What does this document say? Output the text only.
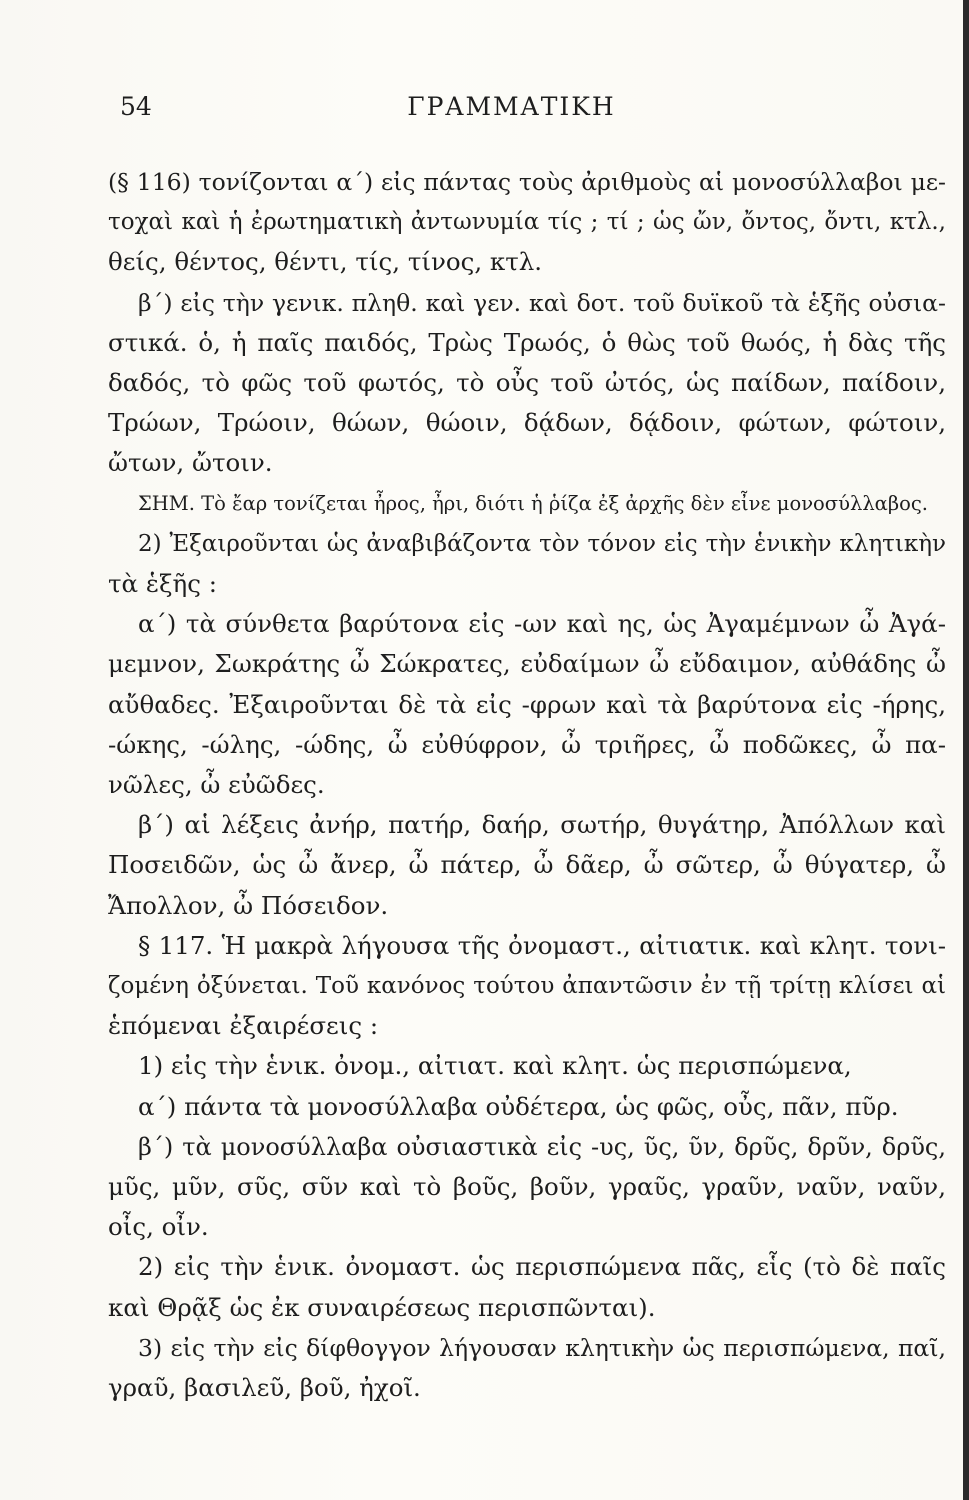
54	ΓΡΑΜΜΑΤΙΚΗ
(§ 116) τονίζονται α΄) εἰς πάντας τοὺς ἀριθμοὺς αἱ μονοσύλλαβοι με-
τοχαὶ καὶ ἡ ἐρωτηματικὴ ἀντωνυμία τίς ; τί ; ὡς ὤν, ὄντος, ὄντι, κτλ.,
θείς, θέντος, θέντι, τίς, τίνος, κτλ.
β΄) εἰς τὴν γενικ. πληθ. καὶ γεν. καὶ δοτ. τοῦ δυϊκοῦ τὰ ἑξῆς οὐσια-
στικά. ὁ, ἡ παῖς παιδός, Τρὼς Τρωός, ὁ θὼς τοῦ θωός, ἡ δὰς τῆς
δαδός, τὸ φῶς τοῦ φωτός, τὸ οὖς τοῦ ὠτός, ὡς παίδων, παίδοιν,
Τρώων, Τρώοιν, θώων, θώοιν, δᾴδων, δᾴδοιν, φώτων, φώτοιν,
ὤτων, ὤτοιν.
ΣΗΜ. Τὸ ἔαρ τονίζεται ἦρος, ἦρι, διότι ἡ ῥίζα ἐξ ἀρχῆς δὲν εἶνε μονοσύλλαβος.
2) Ἐξαιροῦνται ὡς ἀναβιβάζοντα τὸν τόνον εἰς τὴν ἑνικὴν κλητικὴν
τὰ ἑξῆς :
α΄) τὰ σύνθετα βαρύτονα εἰς -ων καὶ ης, ὡς Ἀγαμέμνων ὦ Ἀγά-
μεμνον, Σωκράτης ὦ Σώκρατες, εὐδαίμων ὦ εὔδαιμον, αὐθάδης ὦ
αὔθαδες. Ἐξαιροῦνται δὲ τὰ εἰς -φρων καὶ τὰ βαρύτονα εἰς -ήρης,
-ώκης, -ώλης, -ώδης, ὦ εὐθύφρον, ὦ τριῆρες, ὦ ποδῶκες, ὦ πα-
νῶλες, ὦ εὐῶδες.
β΄) αἱ λέξεις ἀνήρ, πατήρ, δαήρ, σωτήρ, θυγάτηρ, Ἀπόλλων καὶ
Ποσειδῶν, ὡς ὦ ἄνερ, ὦ πάτερ, ὦ δᾶερ, ὦ σῶτερ, ὦ θύγατερ, ὦ
Ἄπολλον, ὦ Πόσειδον.
§ 117. Ἡ μακρὰ λήγουσα τῆς ὀνομαστ., αἰτιατικ. καὶ κλητ. τονι-
ζομένη ὀξύνεται. Τοῦ κανόνος τούτου ἀπαντῶσιν ἐν τῇ τρίτῃ κλίσει αἱ
ἑπόμεναι ἐξαιρέσεις :
1) εἰς τὴν ἑνικ. ὀνομ., αἰτιατ. καὶ κλητ. ὡς περισπώμενα,
α΄) πάντα τὰ μονοσύλλαβα οὐδέτερα, ὡς φῶς, οὖς, πᾶν, πῦρ.
β΄) τὰ μονοσύλλαβα οὐσιαστικὰ εἰς -υς, ῦς, ῦν, δρῦς, δρῦν, δρῦς,
μῦς, μῦν, σῦς, σῦν καὶ τὸ βοῦς, βοῦν, γραῦς, γραῦν, ναῦν, ναῦν,
οἶς, οἶν.
2) εἰς τὴν ἑνικ. ὀνομαστ. ὡς περισπώμενα πᾶς, εἷς (τὸ δὲ παῖς
καὶ Θρᾷξ ὡς ἐκ συναιρέσεως περισπῶνται).
3) εἰς τὴν εἰς δίφθογγον λήγουσαν κλητικὴν ὡς περισπώμενα, παῖ,
γραῦ, βασιλεῦ, βοῦ, ἠχοῖ.
